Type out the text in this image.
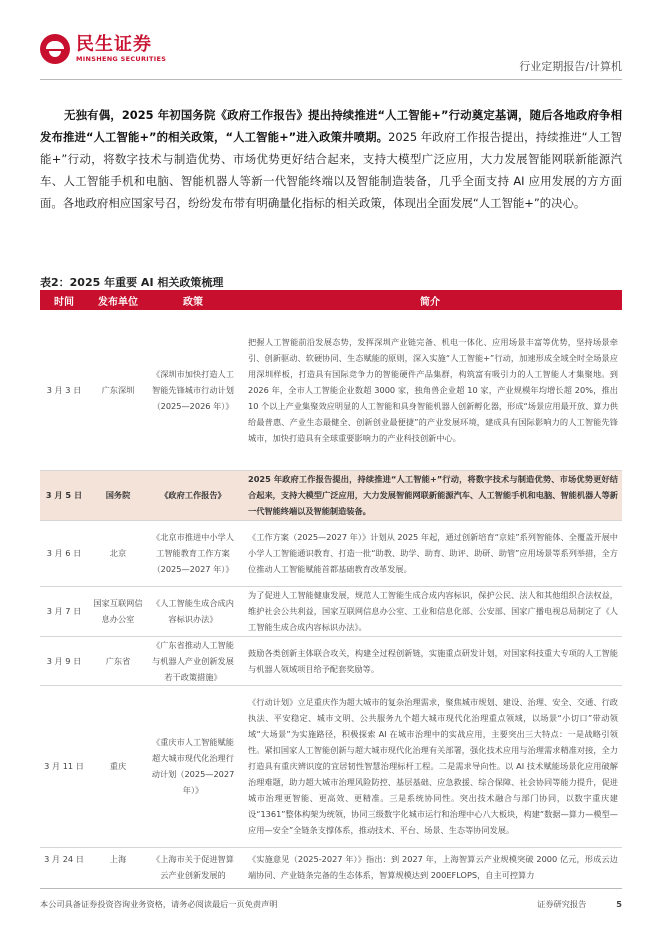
民生证券
MINSHENG SECURITIES
行业定期报告/计算机

无独有偶，2025 年初国务院《政府工作报告》提出持续推进“人工智能+”行动奠定基调，随后各地政府争相发布推进“人工智能+”的相关政策，“人工智能+”进入政策井喷期。2025 年政府工作报告提出，持续推进“人工智能+”行动，将数字技术与制造优势、市场优势更好结合起来，支持大模型广泛应用，大力发展智能网联新能源汽车、人工智能手机和电脑、智能机器人等新一代智能终端以及智能制造装备，几乎全面支持 AI 应用发展的方方面面。各地政府相应国家号召，纷纷发布带有明确量化指标的相关政策，体现出全面发展“人工智能+”的决心。

表2：2025 年重要 AI 相关政策梳理
时间	发布单位	政策	简介
3 月 3 日	广东深圳	《深圳市加快打造人工智能先锋城市行动计划（2025—2026 年）》	把握人工智能前沿发展态势，发挥深圳产业链完备、机电一体化、应用场景丰富等优势，坚持场景牵引、创新驱动、软硬协同、生态赋能的原则，深入实施“人工智能+”行动，加速形成全域全时全场景应用深圳样板，打造具有国际竞争力的智能硬件产品集群，构筑富有吸引力的人工智能人才集聚地。到 2026 年，全市人工智能企业数超 3000 家，独角兽企业超 10 家，产业规模年均增长超 20%，推出 10 个以上产业集聚效应明显的人工智能和具身智能机器人创新孵化器，形成“场景应用最开放、算力供给最普惠、产业生态最健全、创新创业最便捷”的产业发展环境，建成具有国际影响力的人工智能先锋城市，加快打造具有全球重要影响力的产业科技创新中心。
3 月 5 日	国务院	《政府工作报告》	2025 年政府工作报告提出，持续推进“人工智能+”行动，将数字技术与制造优势、市场优势更好结合起来，支持大模型广泛应用，大力发展智能网联新能源汽车、人工智能手机和电脑、智能机器人等新一代智能终端以及智能制造装备。
3 月 6 日	北京	《北京市推进中小学人工智能教育工作方案（2025—2027 年）》	《工作方案（2025—2027 年）》计划从 2025 年起，通过创新培育“京娃”系列智能体、全覆盖开展中小学人工智能通识教育、打造一批“助教、助学、助育、助评、助研、助管”应用场景等系列举措，全方位推动人工智能赋能首都基础教育改革发展。
3 月 7 日	国家互联网信息办公室	《人工智能生成合成内容标识办法》	为了促进人工智能健康发展，规范人工智能生成合成内容标识，保护公民、法人和其他组织合法权益，维护社会公共利益，国家互联网信息办公室、工业和信息化部、公安部、国家广播电视总局制定了《人工智能生成合成内容标识办法》。
3 月 9 日	广东省	《广东省推动人工智能与机器人产业创新发展若干政策措施》	鼓励各类创新主体联合攻关，构建全过程创新链，实施重点研发计划，对国家科技重大专项的人工智能与机器人领域项目给予配套奖励等。
3 月 11 日	重庆	《重庆市人工智能赋能超大城市现代化治理行动计划（2025—2027 年）》	《行动计划》立足重庆作为超大城市的复杂治理需求，聚焦城市规划、建设、治理、安全、交通、行政执法、平安稳定、城市文明、公共服务九个超大城市现代化治理重点领域，以场景“小切口”带动领域“大场景”为实施路径，积极探索 AI 在城市治理中的实战应用，主要突出三大特点：一是战略引领性。紧扣国家人工智能创新与超大城市现代化治理有关部署，强化技术应用与治理需求精准对接，全力打造具有重庆辨识度的宜居韧性智慧治理标杆工程。二是需求导向性。以 AI 技术赋能场景化应用破解治理难题，助力超大城市治理风险防控、基层基础、应急救援、综合保障、社会协同等能力提升，促进城市治理更智能、更高效、更精准。三是系统协同性。突出技术融合与部门协同，以数字重庆建设“1361”整体构架为统领，协同三级数字化城市运行和治理中心八大板块，构建“数据—算力—模型—应用—安全”全链条支撑体系，推动技术、平台、场景、生态等协同发展。
3 月 24 日	上海	《上海市关于促进智算云产业创新发展的	《实施意见（2025-2027 年）》指出：到 2027 年，上海智算云产业规模突破 2000 亿元，形成云边端协同、产业链条完备的生态体系，智算规模达到 200EFLOPS，自主可控算力
本公司具备证券投资咨询业务资格，请务必阅读最后一页免责声明	证券研究报告	5
